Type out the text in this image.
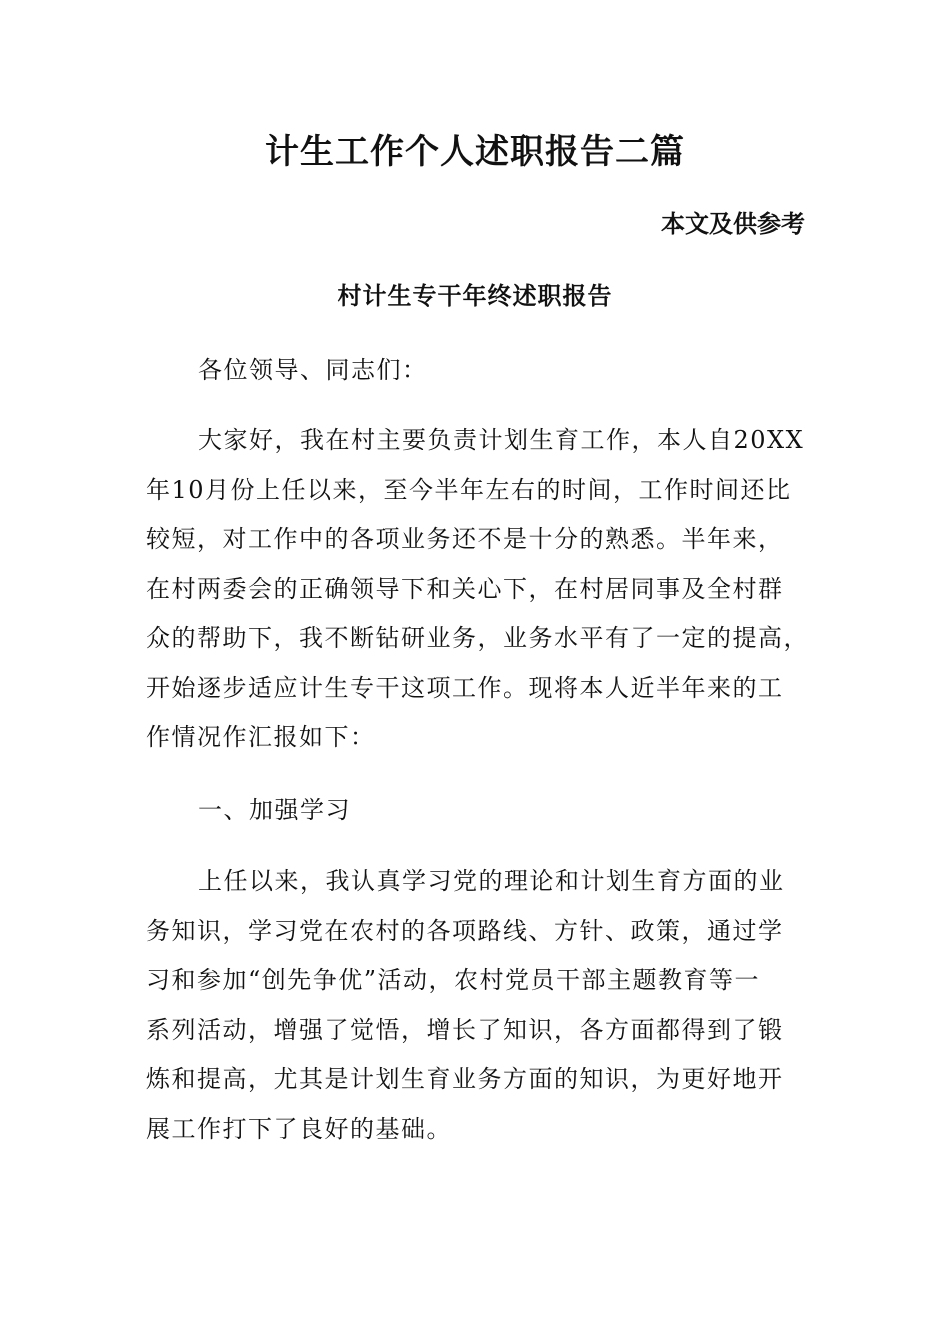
计生工作个人述职报告二篇

本文及供参考

村计生专干年终述职报告

各位领导、同志们：

大家好，我在村主要负责计划生育工作，本人自20XX
年10月份上任以来，至今半年左右的时间，工作时间还比
较短，对工作中的各项业务还不是十分的熟悉。半年来，
在村两委会的正确领导下和关心下，在村居同事及全村群
众的帮助下，我不断钻研业务，业务水平有了一定的提高，
开始逐步适应计生专干这项工作。现将本人近半年来的工
作情况作汇报如下：

一、加强学习

上任以来，我认真学习党的理论和计划生育方面的业
务知识，学习党在农村的各项路线、方针、政策，通过学
习和参加“创先争优”活动，农村党员干部主题教育等一
系列活动，增强了觉悟，增长了知识，各方面都得到了锻
炼和提高，尤其是计划生育业务方面的知识，为更好地开
展工作打下了良好的基础。
